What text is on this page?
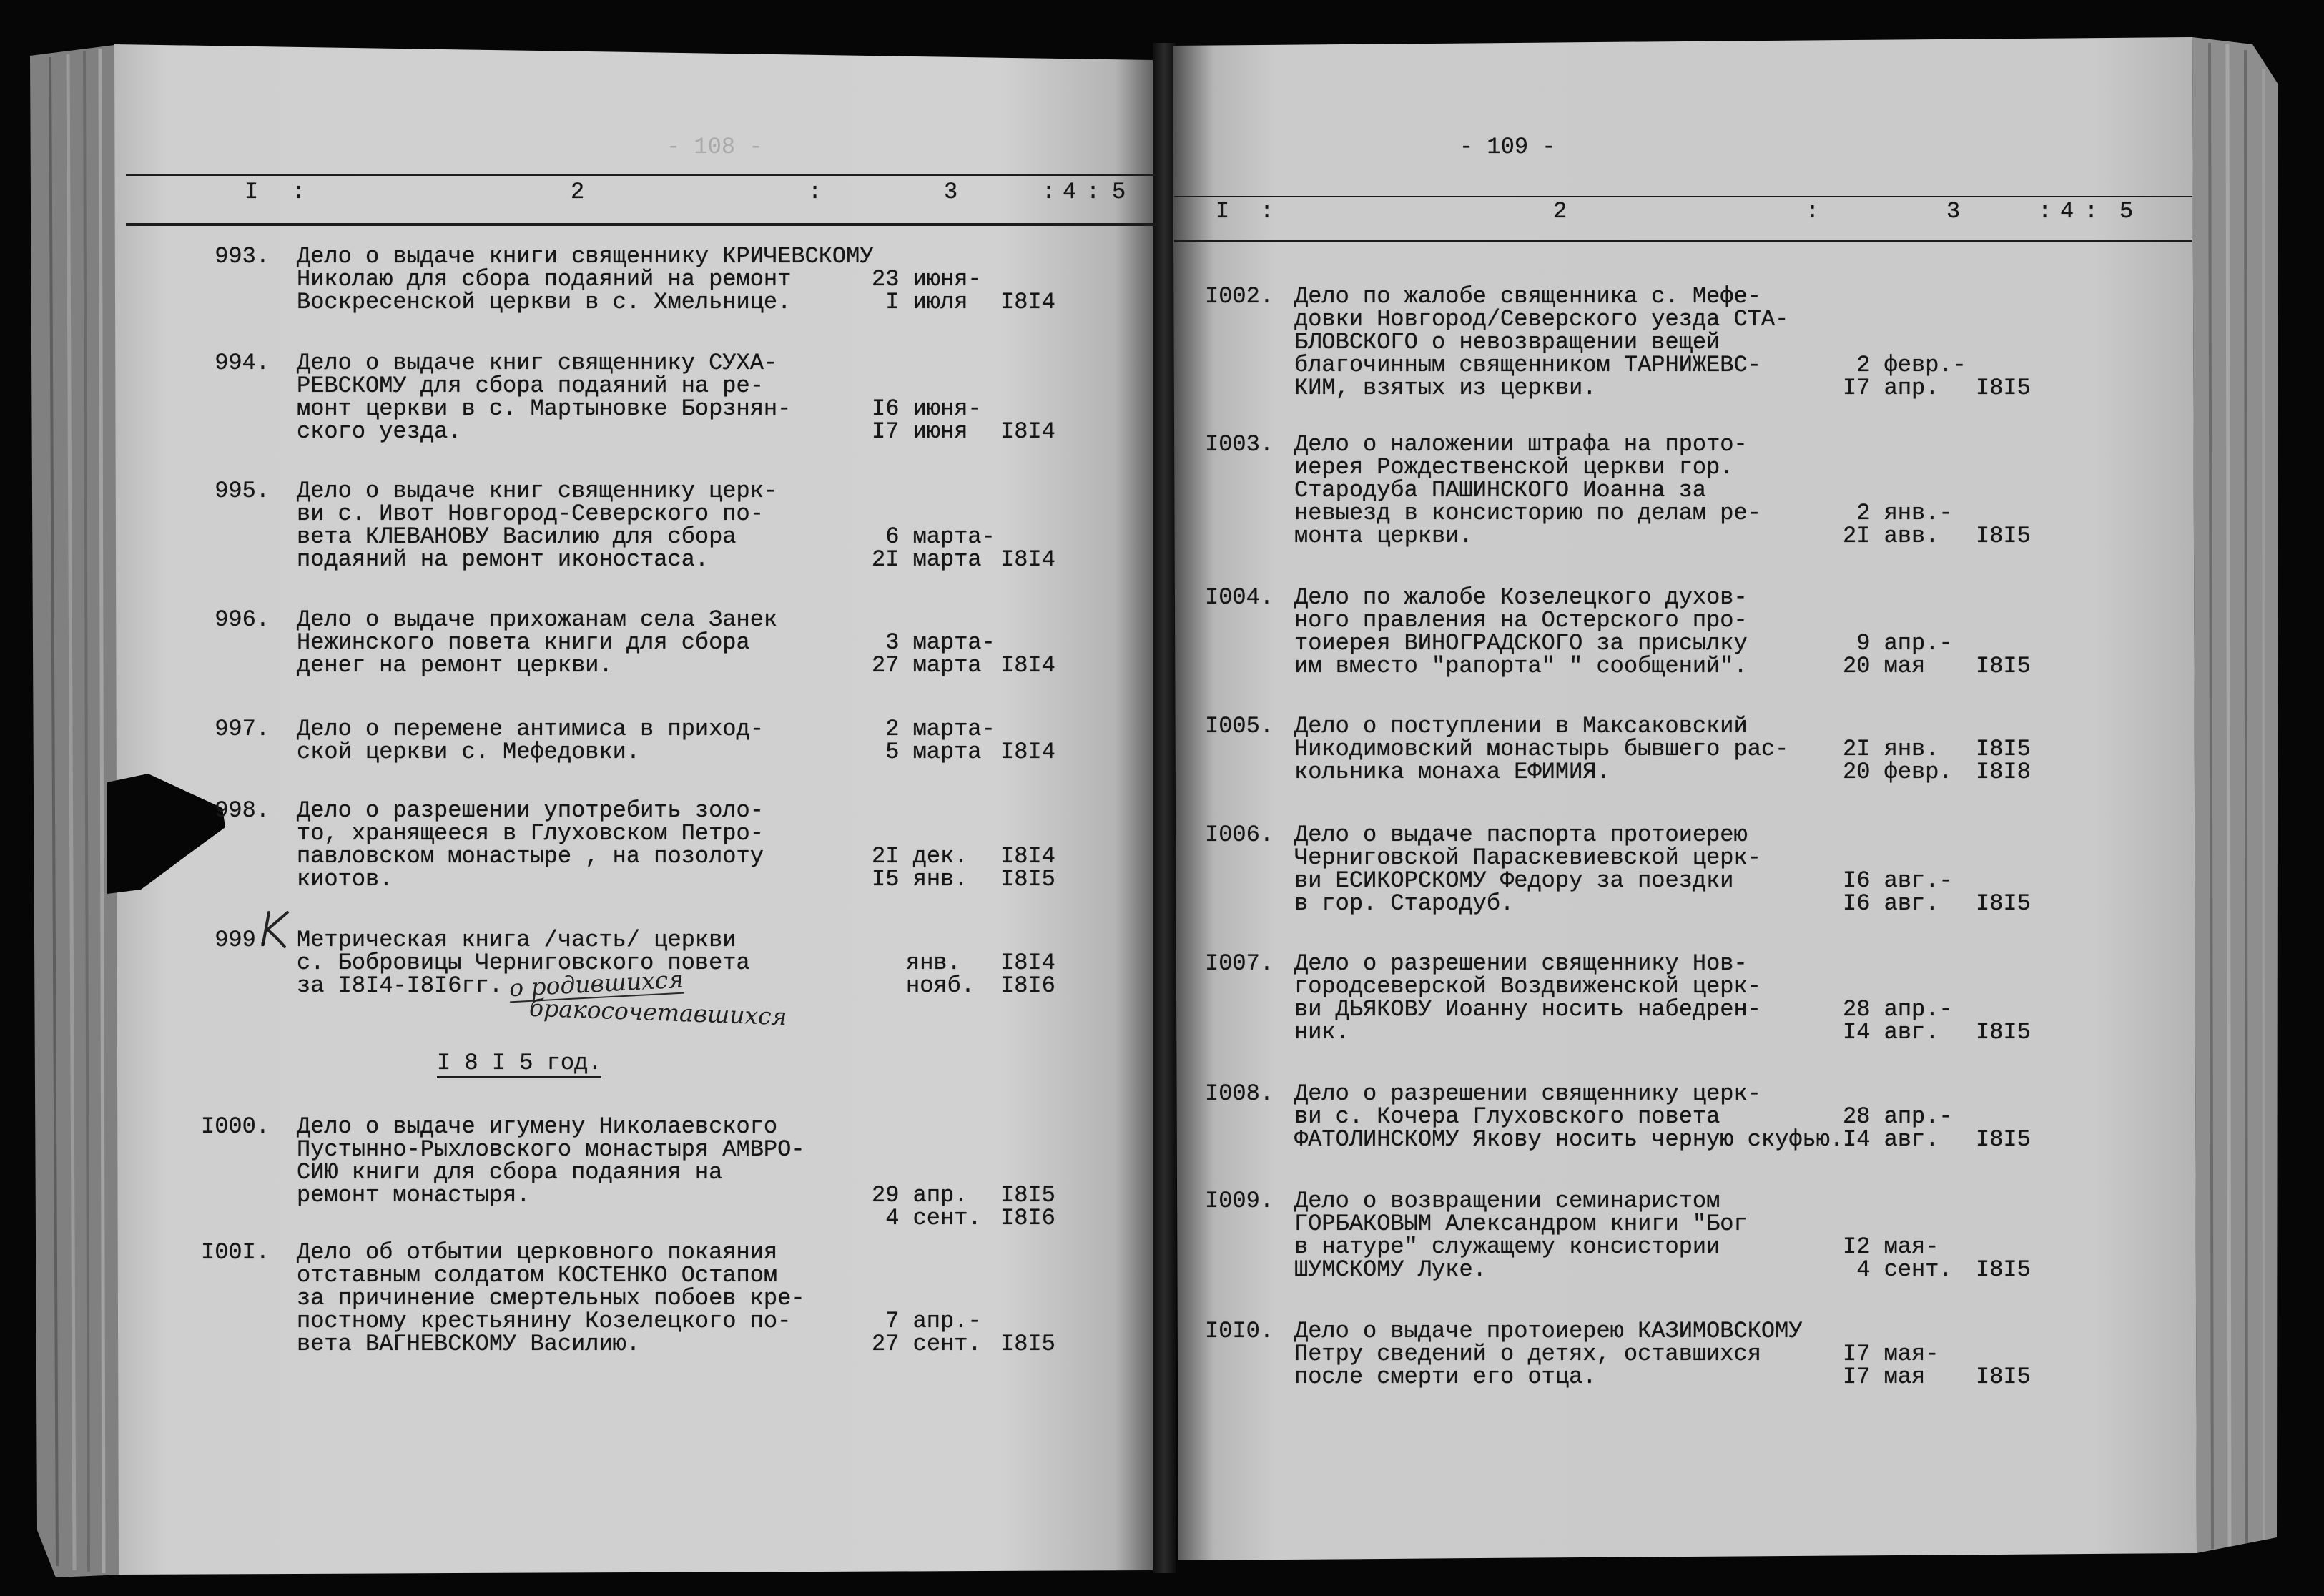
- 108 -	- 109 -
I 8 I 5 год.
о родившихся
бракосочетавшихся
I :	2	:	3	: 4 : 5
993. Дело о выдаче книги священнику КРИЧЕВСКОМУ
Николаю для сбора подаяний на ремонт	23 июня-
Воскресенской церкви в с. Хмельнице.	I июля I8I4
994. Дело о выдаче книг священнику СУХА-
РЕВСКОМУ для сбора подаяний на ре-
монт церкви в с. Мартыновке Борзнян-	I6 июня-
ского уезда.	I7 июня I8I4
995. Дело о выдаче книг священнику церк-
ви с. Ивот Новгород-Северского по-
вета КЛЕВАНОВУ Василию для сбора	6 марта-
подаяний на ремонт иконостаса.	2I марта I8I4
996. Дело о выдаче прихожанам села Занек
Нежинского повета книги для сбора	3 марта-
денег на ремонт церкви.	27 марта I8I4
997. Дело о перемене антимиса в приход-	2 марта-
ской церкви с. Мефедовки.	5 марта I8I4
998. Дело о разрешении употребить золо-
то, хранящееся в Глуховском Петро-
павловском монастыре , на позолоту	2I дек. I8I4
киотов.	I5 янв. I8I5
999. Метрическая книга /часть/ церкви
с. Бобровицы Черниговского повета	янв. I8I4
за I8I4-I8I6гг.	нояб. I8I6
I000. Дело о выдаче игумену Николаевского
Пустынно-Рыхловского монастыря АМВРО-
СИЮ книги для сбора подаяния на
ремонт монастыря.	29 апр. I8I5
4 сент. I8I6
I00I. Дело об отбытии церковного покаяния
отставным солдатом КОСТЕНКО Остапом
за причинение смертельных побоев кре-
постному крестьянину Козелецкого по-	7 апр.-
вета ВАГНЕВСКОМУ Василию.	27 сент. I8I5
I :	2	:	3	: 4 : 5
I002. Дело по жалобе священника с. Мефе-
довки Новгород/Северского уезда СТА-
БЛОВСКОГО о невозвращении вещей
благочинным священником ТАРНИЖЕВС-	2 февр.-
КИМ, взятых из церкви.	I7 апр. I8I5
I003. Дело о наложении штрафа на прото-
иерея Рождественской церкви гор.
Стародуба ПАШИНСКОГО Иоанна за
невыезд в консисторию по делам ре-	2 янв.-
монта церкви.	2I авв. I8I5
I004. Дело по жалобе Козелецкого духов-
ного правления на Остерского про-
тоиерея ВИНОГРАДСКОГО за присылку	9 апр.-
им вместо "рапорта" " сообщений".	20 мая I8I5
I005. Дело о поступлении в Максаковский
Никодимовский монастырь бывшего рас- 2I янв. I8I5
кольника монаха ЕФИМИЯ.	20 февр. I8I8
I006. Дело о выдаче паспорта протоиерею
Черниговской Параскевиевской церк-
ви ЕСИКОРСКОМУ Федору за поездки	I6 авг.-
в гор. Стародуб.	I6 авг. I8I5
I007. Дело о разрешении священнику Нов-
городсеверской Воздвиженской церк-
ви ДЬЯКОВУ Иоанну носить набедрен-	28 апр.-
ник.	I4 авг. I8I5
I008. Дело о разрешении священнику церк-
ви с. Кочера Глуховского повета	28 апр.-
ФАТОЛИНСКОМУ Якову носить черную скуфью.
I4 авг. I8I5
I009. Дело о возвращении семинаристом
ГОРБАКОВЫМ Александром книги "Бог
в натуре" служащему консистории	I2 мая-
ШУМСКОМУ Луке.	4 сент. I8I5
I0I0. Дело о выдаче протоиерею КАЗИМОВСКОМУ
Петру сведений о детях, оставшихся	I7 мая-
после смерти его отца.	I7 мая I8I5
